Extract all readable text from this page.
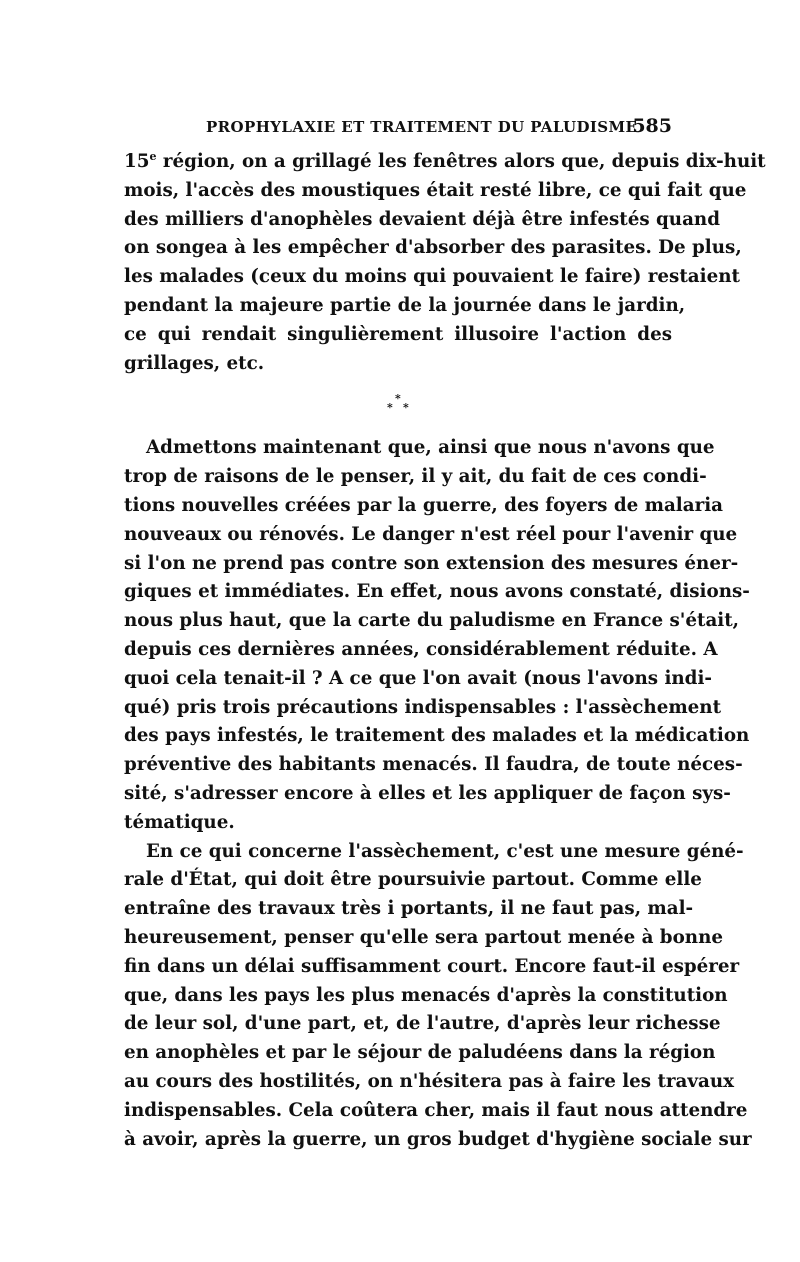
PROPHYLAXIE ET TRAITEMENT DU PALUDISME
585
15e région, on a grillagé les fenêtres alors que, depuis dix-huit
mois, l'accès des moustiques était resté libre, ce qui fait que
des milliers d'anophèles devaient déjà être infestés quand
on songea à les empêcher d'absorber des parasites. De plus,
les malades (ceux du moins qui pouvaient le faire) restaient
pendant la majeure partie de la journée dans le jardin,
ce qui rendait singulièrement illusoire l'action des
grillages, etc.
*
* *
Admettons maintenant que, ainsi que nous n'avons que
trop de raisons de le penser, il y ait, du fait de ces condi-
tions nouvelles créées par la guerre, des foyers de malaria
nouveaux ou rénovés. Le danger n'est réel pour l'avenir que
si l'on ne prend pas contre son extension des mesures éner-
giques et immédiates. En effet, nous avons constaté, disions-
nous plus haut, que la carte du paludisme en France s'était,
depuis ces dernières années, considérablement réduite. A
quoi cela tenait-il ? A ce que l'on avait (nous l'avons indi-
qué) pris trois précautions indispensables : l'assèchement
des pays infestés, le traitement des malades et la médication
préventive des habitants menacés. Il faudra, de toute néces-
sité, s'adresser encore à elles et les appliquer de façon sys-
tématique.
En ce qui concerne l'assèchement, c'est une mesure géné-
rale d'État, qui doit être poursuivie partout. Comme elle
entraîne des travaux très i portants, il ne faut pas, mal-
heureusement, penser qu'elle sera partout menée à bonne
fin dans un délai suffisamment court. Encore faut-il espérer
que, dans les pays les plus menacés d'après la constitution
de leur sol, d'une part, et, de l'autre, d'après leur richesse
en anophèles et par le séjour de paludéens dans la région
au cours des hostilités, on n'hésitera pas à faire les travaux
indispensables. Cela coûtera cher, mais il faut nous attendre
à avoir, après la guerre, un gros budget d'hygiène sociale sur
